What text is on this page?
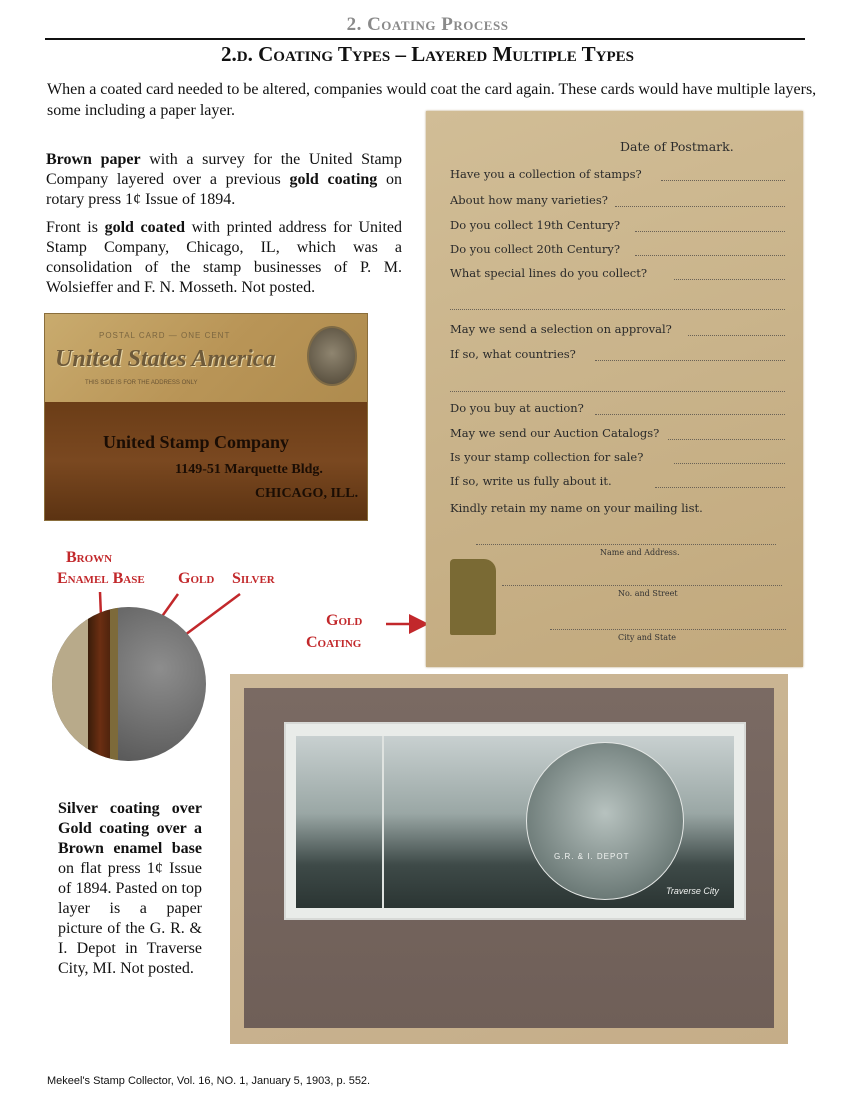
2. Coating Process
2.d. Coating Types – Layered Multiple Types
When a coated card needed to be altered, companies would coat the card again. These cards would have multiple layers, some including a paper layer.
Brown paper with a survey for the United Stamp Company layered over a previous gold coating on rotary press 1¢ Issue of 1894.
Front is gold coated with printed address for United Stamp Company, Chicago, IL, which was a consolidation of the stamp businesses of P. M. Wolsieffer and F. N. Mosseth. Not posted.
POSTAL CARD — ONE CENT
United States America
THIS SIDE IS FOR THE ADDRESS ONLY
United Stamp Company
1149-51 Marquette Bldg.
CHICAGO, ILL.
Brown
Enamel Base Gold Silver
Gold
Coating
Silver coating over Gold coating over a Brown enamel base on flat press 1¢ Issue of 1894. Pasted on top layer is a paper picture of the G. R. & I. Depot in Traverse City, MI. Not posted.
Date of Postmark.
Have you a collection of stamps?
About how many varieties?
Do you collect 19th Century?
Do you collect 20th Century?
What special lines do you collect?
May we send a selection on approval?
If so, what countries?
Do you buy at auction?
May we send our Auction Catalogs?
Is your stamp collection for sale?
If so, write us fully about it.
Kindly retain my name on your mailing list.
Name and Address.
No. and Street
City and State
G.R. & I. DEPOT
Traverse City
Mekeel's Stamp Collector, Vol. 16, NO. 1, January 5, 1903, p. 552.
